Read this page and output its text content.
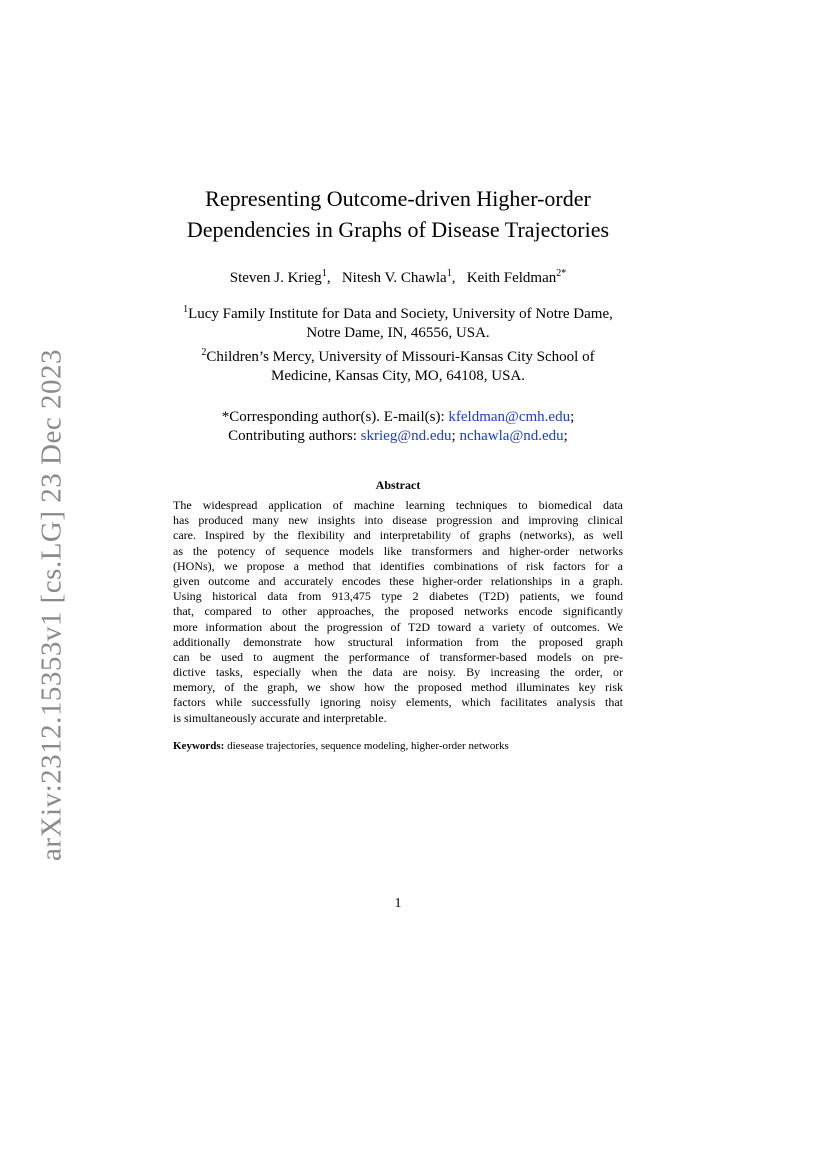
arXiv:2312.15353v1 [cs.LG] 23 Dec 2023
Representing Outcome-driven Higher-order
Dependencies in Graphs of Disease Trajectories
Steven J. Krieg$^1$, Nitesh V. Chawla$^1$, Keith Feldman$^{2*}$
$^1$Lucy Family Institute for Data and Society, University of Notre Dame,
Notre Dame, IN, 46556, USA.
$^2$Children’s Mercy, University of Missouri-Kansas City School of
Medicine, Kansas City, MO, 64108, USA.
*Corresponding author(s). E-mail(s): kfeldman@cmh.edu;
Contributing authors: skrieg@nd.edu; nchawla@nd.edu;
Abstract
The widespread application of machine learning techniques to biomedical data
has produced many new insights into disease progression and improving clinical
care. Inspired by the flexibility and interpretability of graphs (networks), as well
as the potency of sequence models like transformers and higher-order networks
(HONs), we propose a method that identifies combinations of risk factors for a
given outcome and accurately encodes these higher-order relationships in a graph.
Using historical data from 913,475 type 2 diabetes (T2D) patients, we found
that, compared to other approaches, the proposed networks encode significantly
more information about the progression of T2D toward a variety of outcomes. We
additionally demonstrate how structural information from the proposed graph
can be used to augment the performance of transformer-based models on pre-
dictive tasks, especially when the data are noisy. By increasing the order, or
memory, of the graph, we show how the proposed method illuminates key risk
factors while successfully ignoring noisy elements, which facilitates analysis that
is simultaneously accurate and interpretable.
Keywords: diesease trajectories, sequence modeling, higher-order networks
1
